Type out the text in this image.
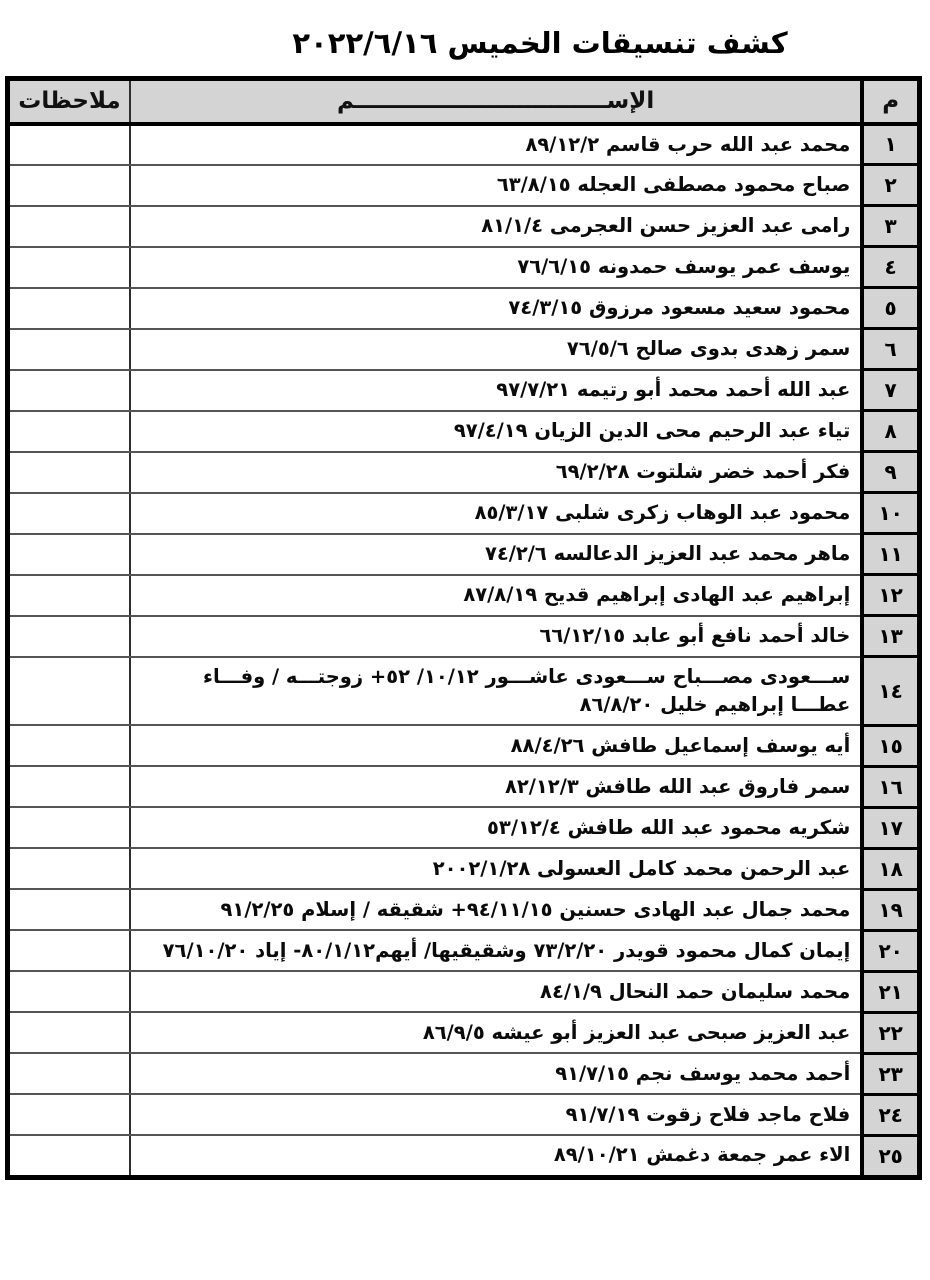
كشف تنسيقات الخميس ٢٠٢٢/٦/١٦
م	الإســــــــــــــــــــــــــــــــم	ملاحظات
١	محمد عبد الله حرب قاسم ٨٩/١٢/٢	
٢	صباح محمود مصطفى العجله ٦٣/٨/١٥	
٣	رامى عبد العزيز حسن العجرمى ٨١/١/٤	
٤	يوسف عمر يوسف حمدونه ٧٦/٦/١٥	
٥	محمود سعيد مسعود مرزوق ٧٤/٣/١٥	
٦	سمر زهدى بدوى صالح ٧٦/٥/٦	
٧	عبد الله أحمد محمد أبو رتيمه ٩٧/٧/٢١	
٨	تياء عبد الرحيم محى الدين الزيان ٩٧/٤/١٩	
٩	فكر أحمد خضر شلتوت ٦٩/٢/٢٨	
١٠	محمود عبد الوهاب زكرى شلبى ٨٥/٣/١٧	
١١	ماهر محمد عبد العزيز الدعالسه ٧٤/٢/٦	
١٢	إبراهيم عبد الهادى إبراهيم قديح ٨٧/٨/١٩	
١٣	خالد أحمد نافع أبو عابد ٦٦/١٢/١٥	
١٤	ســـعودى مصـــباح ســـعودى عاشـــور ١٠/١٢/ ٥٢+ زوجتـــه / وفـــاء عطـــا إبراهيم خليل ٨٦/٨/٢٠	
١٥	أيه يوسف إسماعيل طافش ٨٨/٤/٢٦	
١٦	سمر فاروق عبد الله طافش ٨٢/١٢/٣	
١٧	شكريه محمود عبد الله طافش ٥٣/١٢/٤	
١٨	عبد الرحمن محمد كامل العسولى ٢٠٠٢/١/٢٨	
١٩	محمد جمال عبد الهادى حسنين ٩٤/١١/١٥+ شقيقه / إسلام ٩١/٢/٢٥	
٢٠	إيمان كمال محمود قويدر ٧٣/٢/٢٠ وشقيقيها/ أيهم٨٠/١/١٢- إياد ٧٦/١٠/٢٠	
٢١	محمد سليمان حمد النحال ٨٤/١/٩	
٢٢	عبد العزيز صبحى عبد العزيز أبو عيشه ٨٦/٩/٥	
٢٣	أحمد محمد يوسف نجم ٩١/٧/١٥	
٢٤	فلاح ماجد فلاح زقوت ٩١/٧/١٩	
٢٥	الاء عمر جمعة دغمش ٨٩/١٠/٢١	
